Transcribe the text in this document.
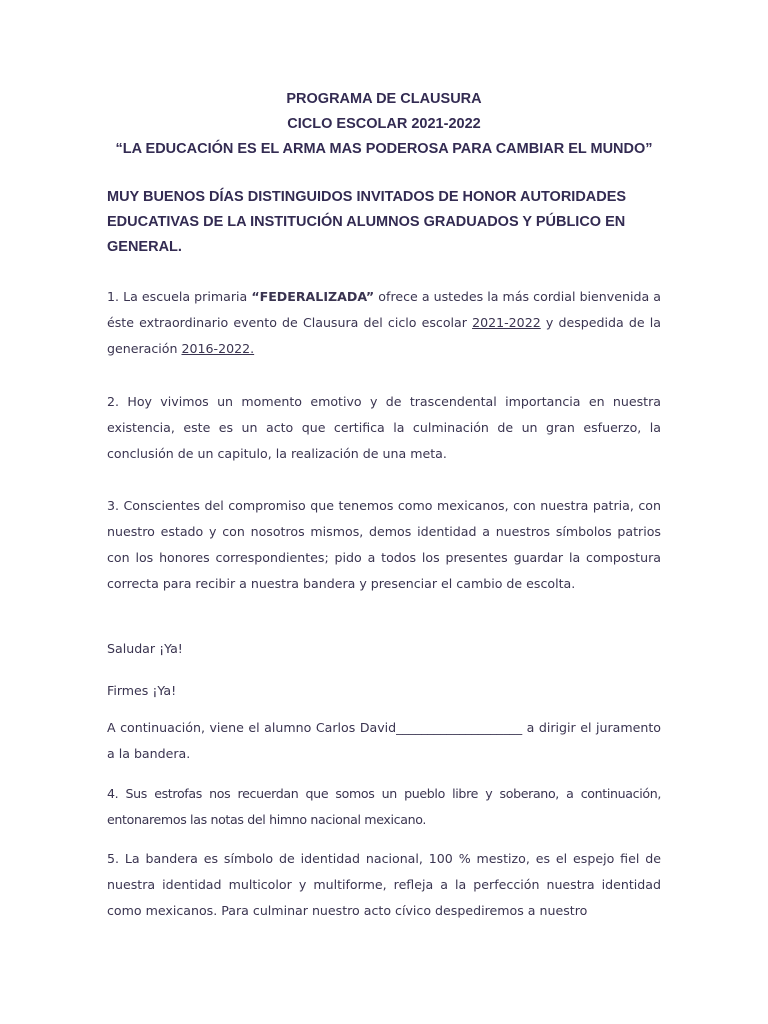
PROGRAMA DE CLAUSURA
CICLO ESCOLAR 2021-2022
“LA EDUCACIÓN ES EL ARMA MAS PODEROSA PARA CAMBIAR EL MUNDO”
MUY BUENOS DÍAS DISTINGUIDOS INVITADOS DE HONOR AUTORIDADES EDUCATIVAS DE LA INSTITUCIÓN ALUMNOS GRADUADOS Y PÚBLICO EN GENERAL.
1. La escuela primaria “FEDERALIZADA” ofrece a ustedes la más cordial bienvenida a éste extraordinario evento de Clausura del ciclo escolar 2021-2022 y despedida de la generación 2016-2022.
2. Hoy vivimos un momento emotivo y de trascendental importancia en nuestra existencia, este es un acto que certifica la culminación de un gran esfuerzo, la conclusión de un capitulo, la realización de una meta.
3. Conscientes del compromiso que tenemos como mexicanos, con nuestra patria, con nuestro estado y con nosotros mismos, demos identidad a nuestros símbolos patrios con los honores correspondientes; pido a todos los presentes guardar la compostura correcta para recibir a nuestra bandera y presenciar el cambio de escolta.
Saludar ¡Ya!
Firmes ¡Ya!
A continuación, viene el alumno Carlos David____________________ a dirigir el juramento a la bandera.
4. Sus estrofas nos recuerdan que somos un pueblo libre y soberano, a continuación, entonaremos las notas del himno nacional mexicano.
5. La bandera es símbolo de identidad nacional, 100 % mestizo, es el espejo fiel de nuestra identidad multicolor y multiforme, refleja a la perfección nuestra identidad como mexicanos. Para culminar nuestro acto cívico despediremos a nuestro
